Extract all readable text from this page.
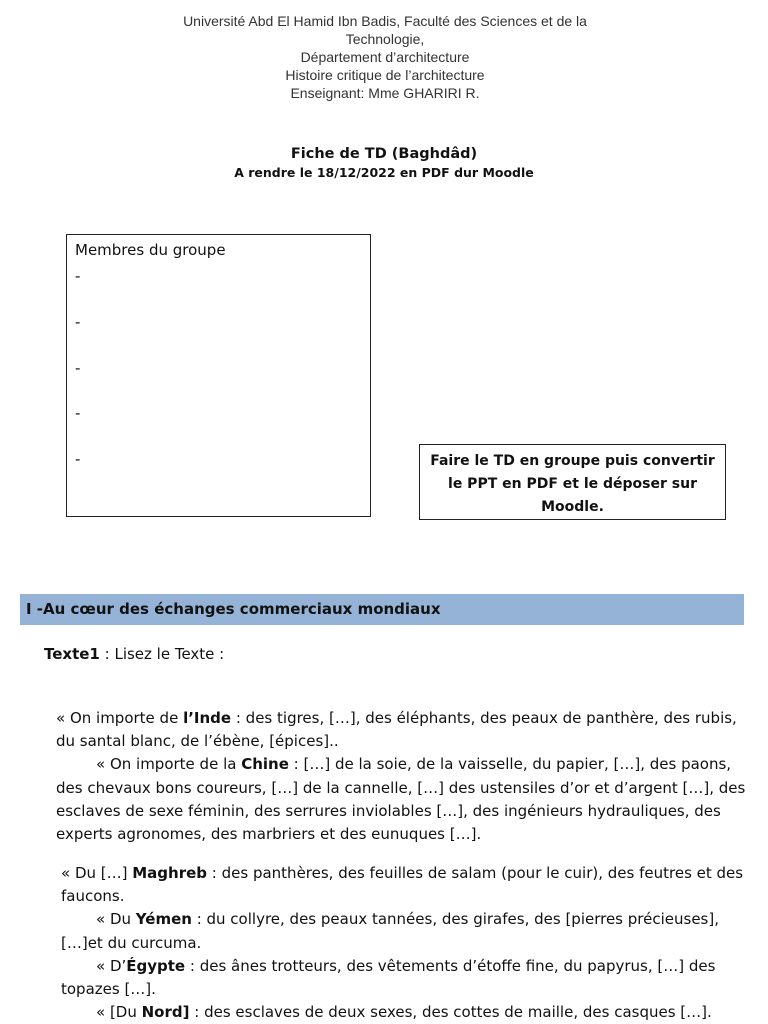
Université Abd El Hamid Ibn Badis, Faculté des Sciences et de la
Technologie,
Département d’architecture
Histoire critique de l’architecture
Enseignant: Mme GHARIRI R.
Fiche de TD (Baghdâd)
A rendre le 18/12/2022 en PDF dur Moodle
Membres du groupe
-
-
-
-
-	Faire le TD en groupe puis convertir
le PPT en PDF et le déposer sur
Moodle.
I -Au cœur des échanges commerciaux mondiaux
Texte1 : Lisez le Texte :
« On importe de l’Inde : des tigres, […], des éléphants, des peaux de panthère, des rubis, du santal blanc, de l’ébène, [épices]..
« On importe de la Chine : […] de la soie, de la vaisselle, du papier, […], des paons, des chevaux bons coureurs, […] de la cannelle, […] des ustensiles d’or et d’argent […], des esclaves de sexe féminin, des serrures inviolables […], des ingénieurs hydrauliques, des experts agronomes, des marbriers et des eunuques […].
« Du […] Maghreb : des panthères, des feuilles de salam (pour le cuir), des feutres et des faucons.
« Du Yémen : du collyre, des peaux tannées, des girafes, des [pierres précieuses], […]et du curcuma.
« D’Égypte : des ânes trotteurs, des vêtements d’étoffe fine, du papyrus, […] des topazes […].
« [Du Nord] : des esclaves de deux sexes, des cottes de maille, des casques […].
